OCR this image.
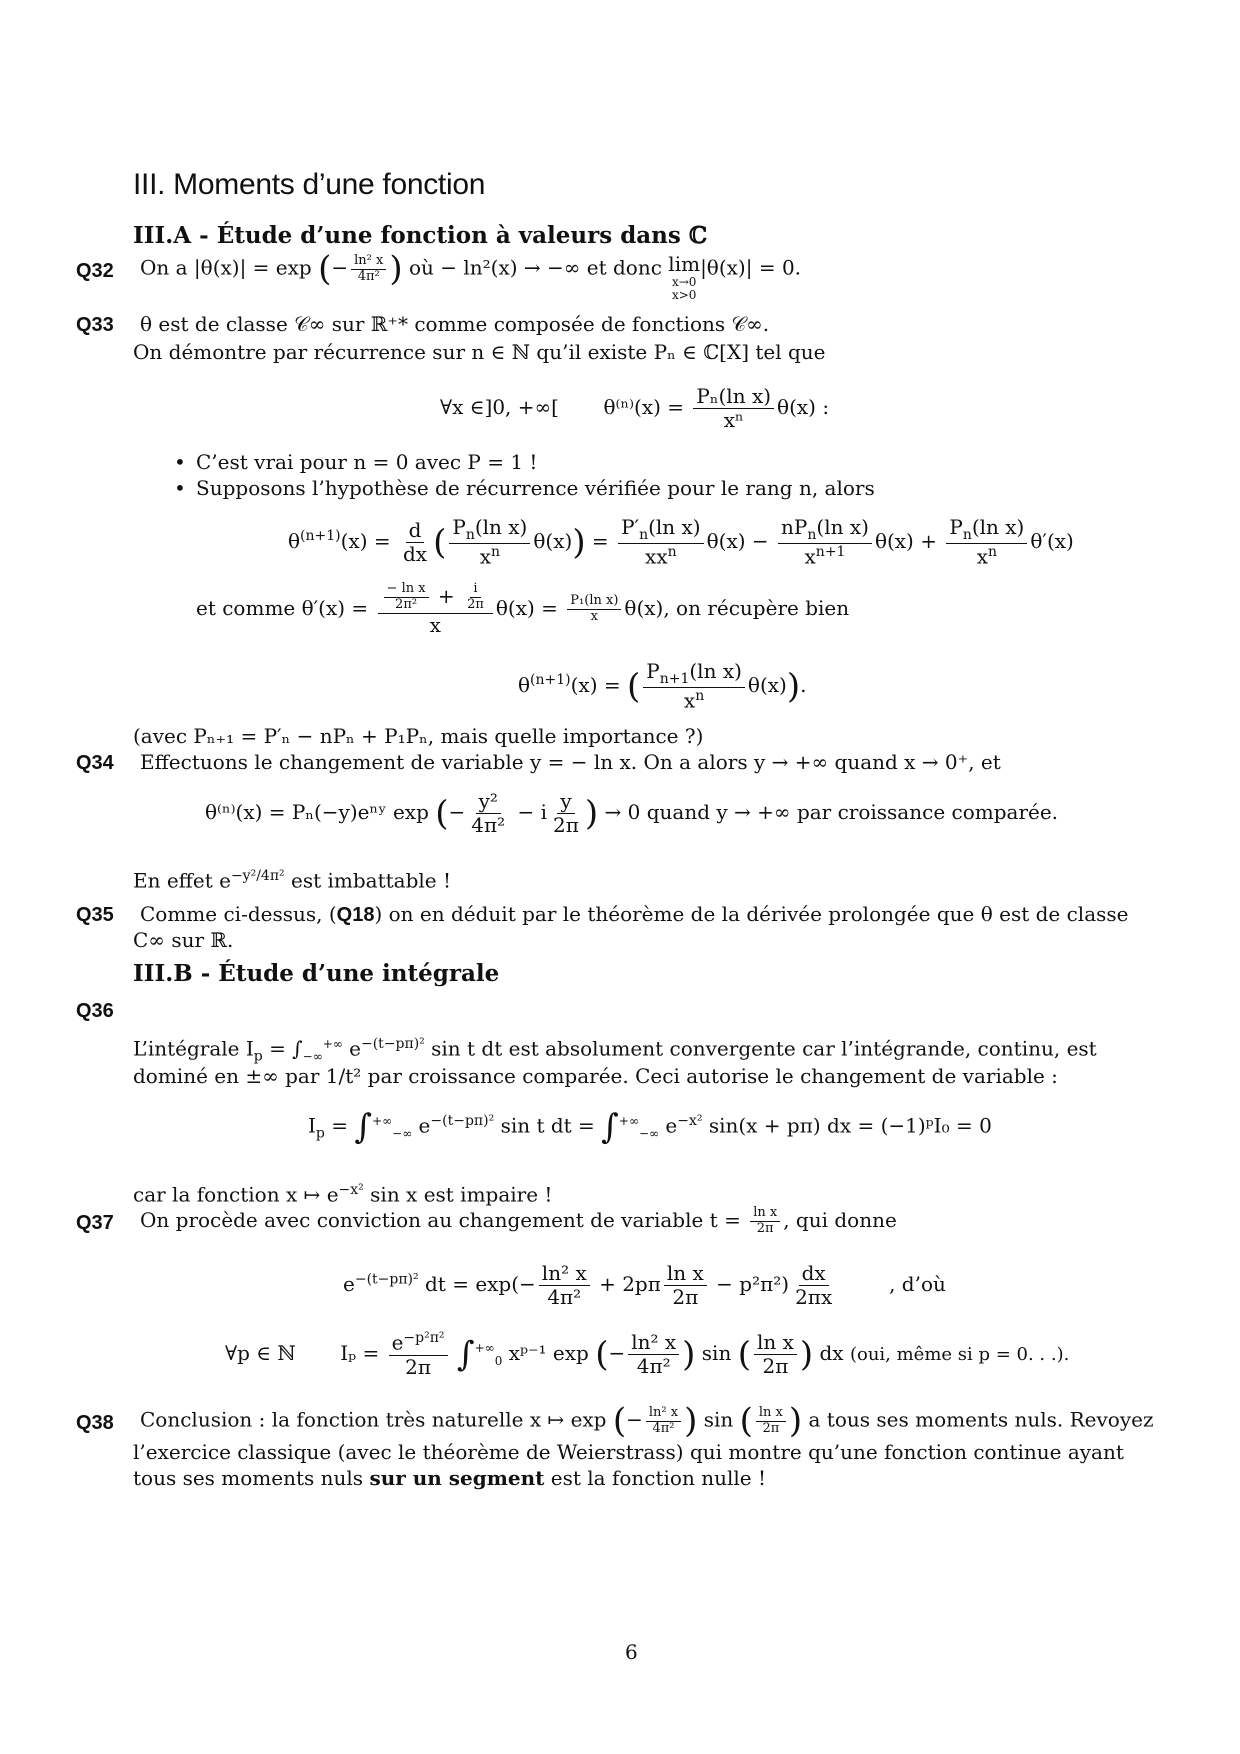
III. Moments d’une fonction
III.A - Étude d’une fonction à valeurs dans ℂ
Q32 On a |θ(x)| = exp (− $\frac{\text{ln² x}}{\text{4π²}}$ ) où − ln²(x) → −∞ et donc lim
x→0
x>0
|θ(x)| = 0.
Q33 θ est de classe 𝒞∞ sur ℝ⁺* comme composée de fonctions 𝒞∞.
On démontre par récurrence sur n ∈ ℕ qu’il existe Pₙ ∈ ℂ[X] tel que
∀x ∈]0, +∞[ $\theta^{(n)}(x) = \frac{\text{Pₙ(ln x)}}{\text{xⁿ}} \theta(x)$ :
• C’est vrai pour n = 0 avec P = 1 !
• Supposons l’hypothèse de récurrence vérifiée pour le rang n, alors
$\theta^{(n+1)}(x) = \frac{d}{dx}$ ( $\frac{P_n(\ln x)}{x^n} \theta(x)) = \frac{P'_n(\ln x)}{xx^n} \theta(x) - \frac{nP_n(\ln x)}{x^{n+1}} \theta(x) + \frac{P_n(\ln x)}{x^n} \theta'(x)$
et comme $\theta'(x) = \frac{\frac{\text{− ln x}}{\text{2π²}} + \frac{i}{2\pi}}{x} \theta(x) = \frac{\text{P₁(ln x)}}{x} \theta(x)$, on récupère bien
$\theta^{(n+1)}(x)$ = ( $\frac{P_{n+1}(\ln x)}{x^n} \theta(x)$).
(avec Pₙ₊₁ = P′ₙ − nPₙ + P₁Pₙ, mais quelle importance ?)
Q34 Effectuons le changement de variable y = − ln x. On a alors y → +∞ quand x → 0⁺, et
θ⁽ⁿ⁾(x) = Pₙ(−y)eⁿʸ exp (− $\frac{\text{y²}}{\text{4π²}} - i \frac{y}{2\pi}$ ) → 0 quand y → +∞ par croissance comparée.
En effet $e^{-y^2/4\pi^2}$ est imbattable !
Q35 Comme ci-dessus, (Q18) on en déduit par le théorème de la dérivée prolongée que θ est de classe
C∞ sur ℝ.
III.B - Étude d’une intégrale
Q36
L’intégrale $I_p = \int_{-\infty}^{+\infty}$ $e^{-(t-p\pi)^2}$ sin t dt est absolument convergente car l’intégrande, continu, est
dominé en ±∞ par 1/t² par croissance comparée. Ceci autorise le changement de variable :
$I_p = \int^{+\infty}_{-\infty}$ $e^{-(t-p\pi)^2}$ sin t dt = $\int^{+\infty}_{-\infty}$ $e^{-x^2}$ sin(x + pπ) dx = (−1)ᵖI₀ = 0
car la fonction x ↦ $e^{-x^2}$ sin x est impaire !
Q37 On procède avec conviction au changement de variable $t = \frac{\text{ln x}}{2\pi}$ , qui donne
$e^{-(t-p\pi)^2}$ dt = $\exp(- \frac{\text{ln² x}}{\text{4π²}} + 2p\pi \frac{\text{ln x}}{2\pi} - p^2\pi^2) \frac{dx}{2\pi x}$	, d’où
∀p ∈ ℕ $I_p = \frac{e^{-p^2\pi^2}}{2\pi} \int^{+\infty}_0$ xᵖ⁻¹ exp (− $\frac{\text{ln² x}}{\text{4π²}}$ ) sin ( $\frac{\text{ln x}}{2\pi}$ ) dx (oui, même si p = 0. . .).
Q38 Conclusion : la fonction très naturelle x ↦ exp (− $\frac{\text{ln² x}}{\text{4π²}}$ ) sin ( $\frac{\text{ln x}}{2\pi}$ ) a tous ses moments nuls. Revoyez
l’exercice classique (avec le théorème de Weierstrass) qui montre qu’une fonction continue ayant
tous ses moments nuls sur un segment est la fonction nulle !
6
